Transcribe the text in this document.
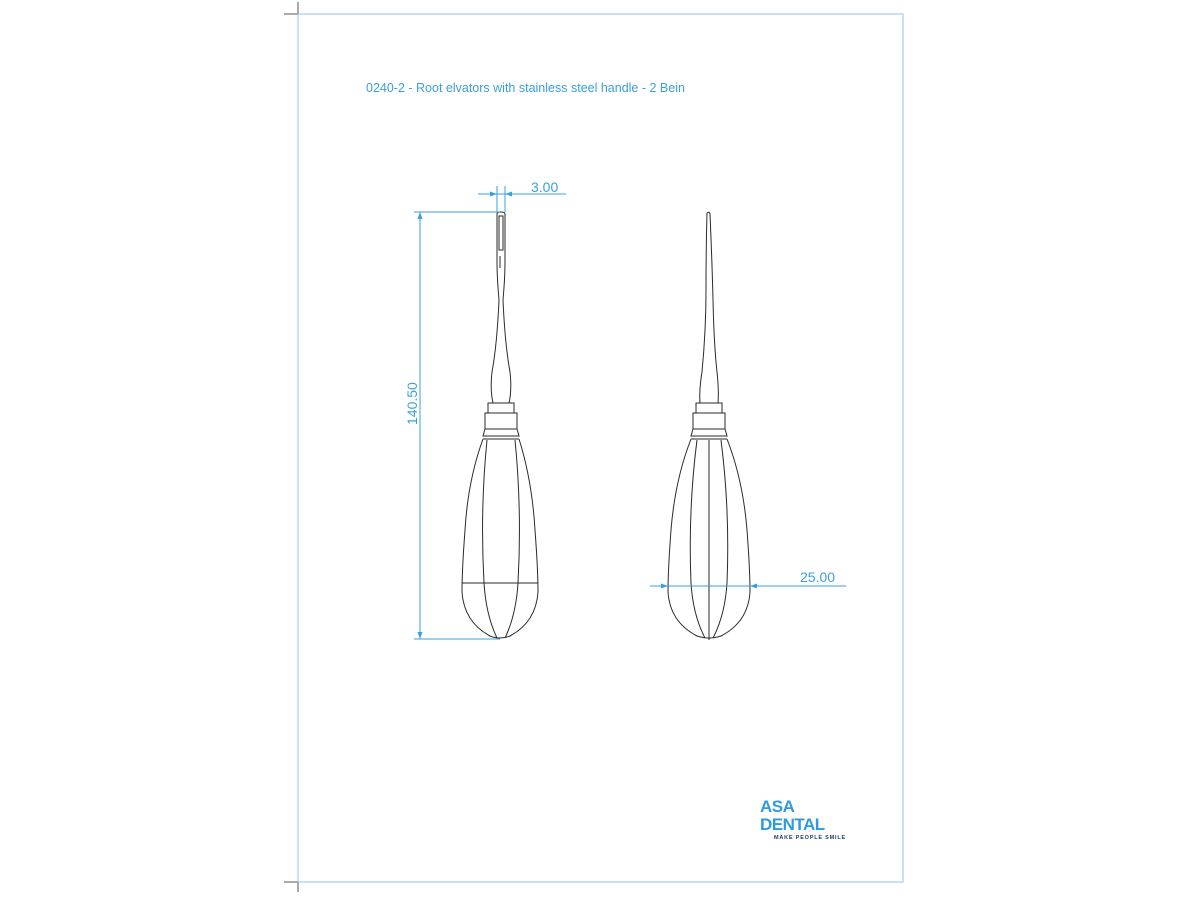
0240-2 - Root elvators with stainless steel handle - 2 Bein
3.00
140.50
25.00
ASA DENTAL
MAKE PEOPLE SMILE
